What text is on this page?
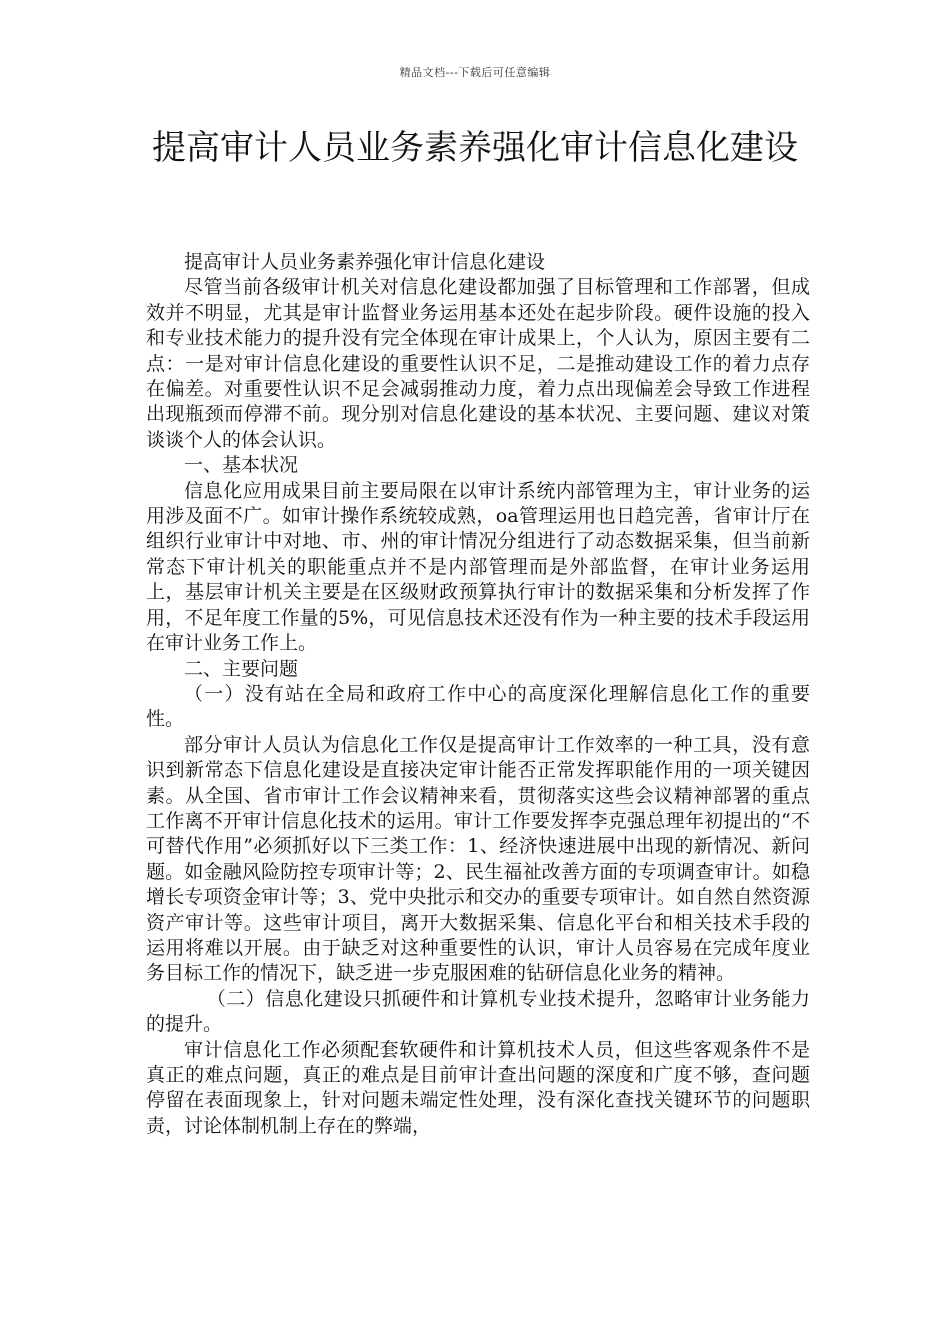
精品文档---下载后可任意编辑
提高审计人员业务素养强化审计信息化建设

提高审计人员业务素养强化审计信息化建设

尽管当前各级审计机关对信息化建设都加强了目标管理和工作部署，但成效并不明显，尤其是审计监督业务运用基本还处在起步阶段。硬件设施的投入和专业技术能力的提升没有完全体现在审计成果上，个人认为，原因主要有二点：一是对审计信息化建设的重要性认识不足，二是推动建设工作的着力点存在偏差。对重要性认识不足会减弱推动力度，着力点出现偏差会导致工作进程出现瓶颈而停滞不前。现分别对信息化建设的基本状况、主要问题、建议对策谈谈个人的体会认识。

一、基本状况

信息化应用成果目前主要局限在以审计系统内部管理为主，审计业务的运用涉及面不广。如审计操作系统较成熟，oa管理运用也日趋完善，省审计厅在组织行业审计中对地、市、州的审计情况分组进行了动态数据采集，但当前新常态下审计机关的职能重点并不是内部管理而是外部监督，在审计业务运用上，基层审计机关主要是在区级财政预算执行审计的数据采集和分析发挥了作用，不足年度工作量的5%，可见信息技术还没有作为一种主要的技术手段运用在审计业务工作上。

二、主要问题

（一）没有站在全局和政府工作中心的高度深化理解信息化工作的重要性。

部分审计人员认为信息化工作仅是提高审计工作效率的一种工具，没有意识到新常态下信息化建设是直接决定审计能否正常发挥职能作用的一项关键因素。从全国、省市审计工作会议精神来看，贯彻落实这些会议精神部署的重点工作离不开审计信息化技术的运用。审计工作要发挥李克强总理年初提出的“不可替代作用”必须抓好以下三类工作：1、经济快速进展中出现的新情况、新问题。如金融风险防控专项审计等；2、民生福祉改善方面的专项调查审计。如稳增长专项资金审计等；3、党中央批示和交办的重要专项审计。如自然自然资源资产审计等。这些审计项目，离开大数据采集、信息化平台和相关技术手段的运用将难以开展。由于缺乏对这种重要性的认识，审计人员容易在完成年度业务目标工作的情况下，缺乏进一步克服困难的钻研信息化业务的精神。

（二）信息化建设只抓硬件和计算机专业技术提升，忽略审计业务能力的提升。

审计信息化工作必须配套软硬件和计算机技术人员，但这些客观条件不是真正的难点问题，真正的难点是目前审计查出问题的深度和广度不够，查问题停留在表面现象上，针对问题未端定性处理，没有深化查找关键环节的问题职责，讨论体制机制上存在的弊端，
